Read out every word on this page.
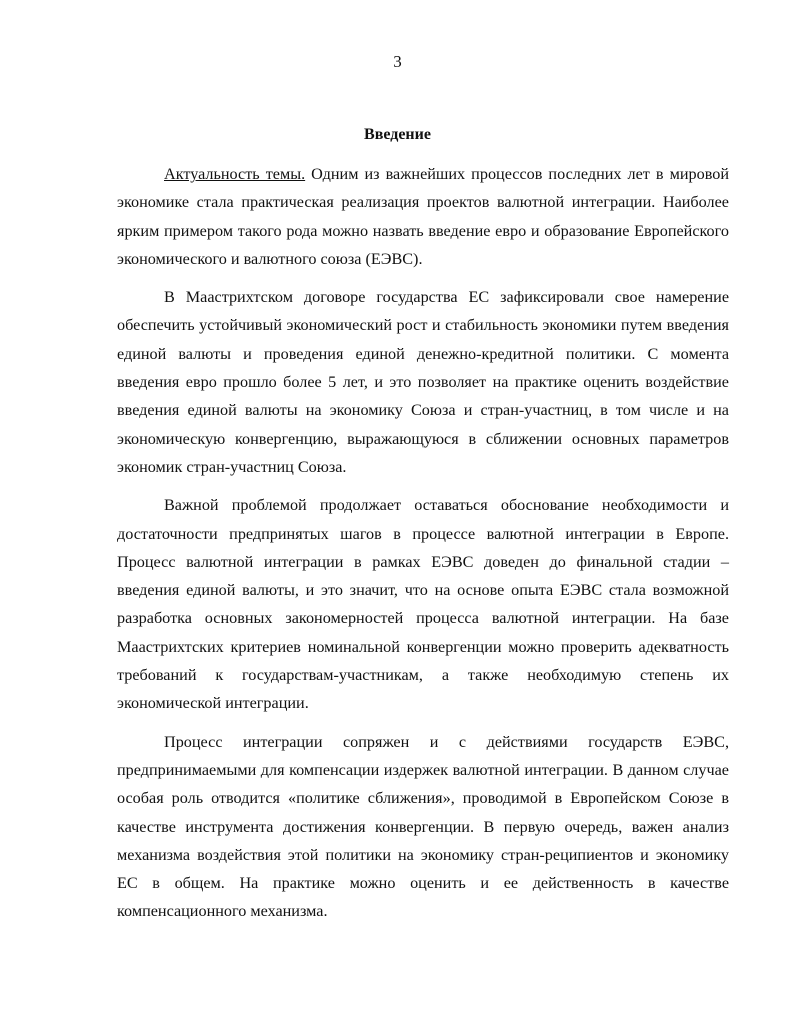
3
Введение

Актуальность темы. Одним из важнейших процессов последних лет в мировой экономике стала практическая реализация проектов валютной интеграции. Наиболее ярким примером такого рода можно назвать введение евро и образование Европейского экономического и валютного союза (ЕЭВС).

В Маастрихтском договоре государства ЕС зафиксировали свое намерение обеспечить устойчивый экономический рост и стабильность экономики путем введения единой валюты и проведения единой денежно-кредитной политики. С момента введения евро прошло более 5 лет, и это позволяет на практике оценить воздействие введения единой валюты на экономику Союза и стран-участниц, в том числе и на экономическую конвергенцию, выражающуюся в сближении основных параметров экономик стран-участниц Союза.

Важной проблемой продолжает оставаться обоснование необходимости и достаточности предпринятых шагов в процессе валютной интеграции в Европе. Процесс валютной интеграции в рамках ЕЭВС доведен до финальной стадии – введения единой валюты, и это значит, что на основе опыта ЕЭВС стала возможной разработка основных закономерностей процесса валютной интеграции. На базе Маастрихтских критериев номинальной конвергенции можно проверить адекватность требований к государствам-участникам, а также необходимую степень их экономической интеграции.

Процесс интеграции сопряжен и с действиями государств ЕЭВС, предпринимаемыми для компенсации издержек валютной интеграции. В данном случае особая роль отводится «политике сближения», проводимой в Европейском Союзе в качестве инструмента достижения конвергенции. В первую очередь, важен анализ механизма воздействия этой политики на экономику стран-реципиентов и экономику ЕС в общем. На практике можно оценить и ее действенность в качестве компенсационного механизма.
